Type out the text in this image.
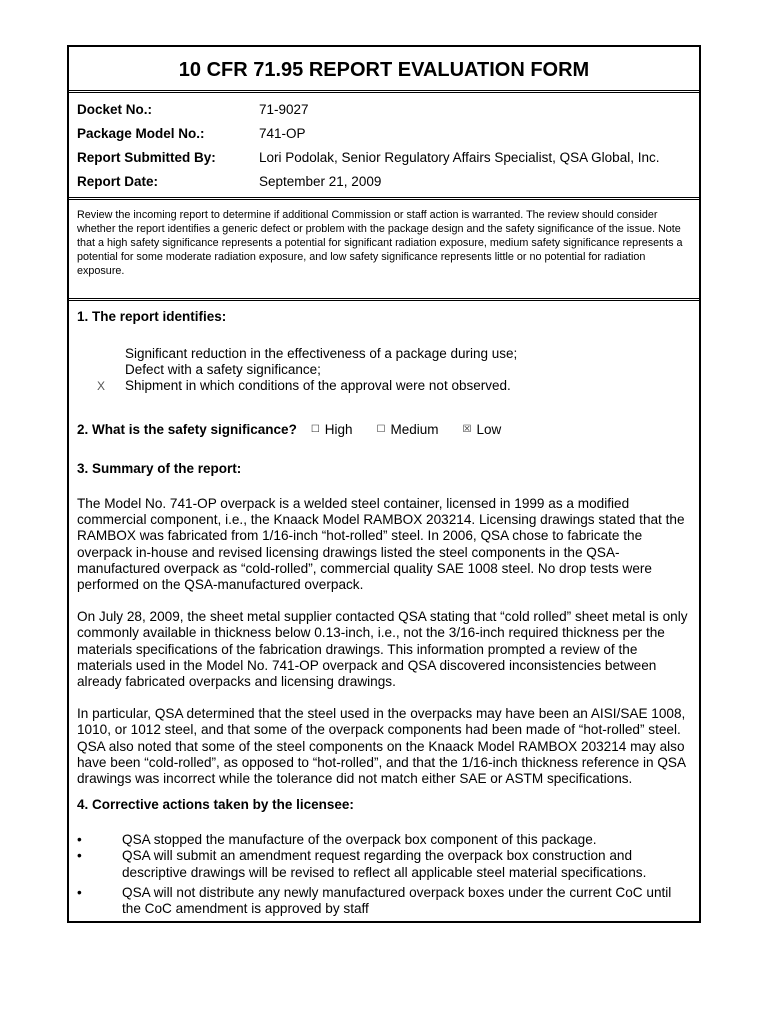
10 CFR 71.95 REPORT EVALUATION FORM
Docket No.:	71-9027
Package Model No.:	741-OP
Report Submitted By:	Lori Podolak, Senior Regulatory Affairs Specialist, QSA Global, Inc.
Report Date:	September 21, 2009
Review the incoming report to determine if additional Commission or staff action is warranted. The review should consider whether the report identifies a generic defect or problem with the package design and the safety significance of the issue. Note that a high safety significance represents a potential for significant radiation exposure, medium safety significance represents a potential for some moderate radiation exposure, and low safety significance represents little or no potential for radiation exposure.
1. The report identifies:
Significant reduction in the effectiveness of a package during use;
Defect with a safety significance;
X	Shipment in which conditions of the approval were not observed.
2. What is the safety significance? ☐ High ☐ Medium ☒ Low
3. Summary of the report:
The Model No. 741-OP overpack is a welded steel container, licensed in 1999 as a modified commercial component, i.e., the Knaack Model RAMBOX 203214. Licensing drawings stated that the RAMBOX was fabricated from 1/16-inch “hot-rolled” steel. In 2006, QSA chose to fabricate the overpack in-house and revised licensing drawings listed the steel components in the QSA-manufactured overpack as “cold-rolled”, commercial quality SAE 1008 steel. No drop tests were performed on the QSA-manufactured overpack.
On July 28, 2009, the sheet metal supplier contacted QSA stating that “cold rolled” sheet metal is only commonly available in thickness below 0.13-inch, i.e., not the 3/16-inch required thickness per the materials specifications of the fabrication drawings. This information prompted a review of the materials used in the Model No. 741-OP overpack and QSA discovered inconsistencies between already fabricated overpacks and licensing drawings.
In particular, QSA determined that the steel used in the overpacks may have been an AISI/SAE 1008, 1010, or 1012 steel, and that some of the overpack components had been made of “hot-rolled” steel. QSA also noted that some of the steel components on the Knaack Model RAMBOX 203214 may also have been “cold-rolled”, as opposed to “hot-rolled”, and that the 1/16-inch thickness reference in QSA drawings was incorrect while the tolerance did not match either SAE or ASTM specifications.
4. Corrective actions taken by the licensee:
•	QSA stopped the manufacture of the overpack box component of this package.
•	QSA will submit an amendment request regarding the overpack box construction and descriptive drawings will be revised to reflect all applicable steel material specifications.
•	QSA will not distribute any newly manufactured overpack boxes under the current CoC until the CoC amendment is approved by staff
